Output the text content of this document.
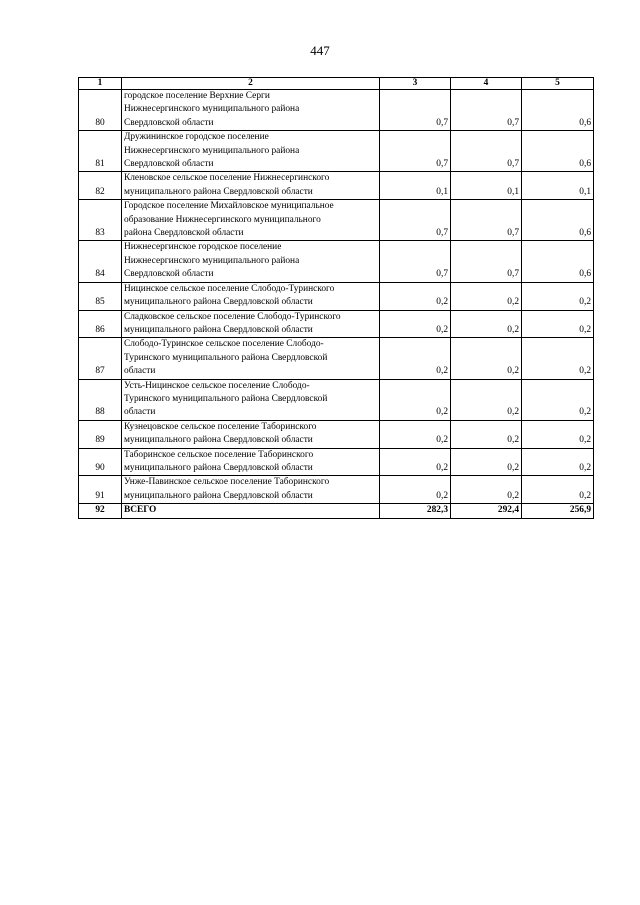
447
1	2	3	4	5
80	городское поселение Верхние Серги
Нижнесергинского муниципального района
Свердловской области	0,7	0,7	0,6
81	Дружининское городское поселение
Нижнесергинского муниципального района
Свердловской области	0,7	0,7	0,6
82	Кленовское сельское поселение Нижнесергинского
муниципального района Свердловской области	0,1	0,1	0,1
83	Городское поселение Михайловское муниципальное
образование Нижнесергинского муниципального
района Свердловской области	0,7	0,7	0,6
84	Нижнесергинское городское поселение
Нижнесергинского муниципального района
Свердловской области	0,7	0,7	0,6
85	Ницинское сельское поселение Слободо-Туринского
муниципального района Свердловской области	0,2	0,2	0,2
86	Сладковское сельское поселение Слободо-Туринского
муниципального района Свердловской области	0,2	0,2	0,2
87	Слободо-Туринское сельское поселение Слободо-
Туринского муниципального района Свердловской
области	0,2	0,2	0,2
88	Усть-Ницинское сельское поселение Слободо-
Туринского муниципального района Свердловской
области	0,2	0,2	0,2
89	Кузнецовское сельское поселение Таборинского
муниципального района Свердловской области	0,2	0,2	0,2
90	Таборинское сельское поселение Таборинского
муниципального района Свердловской области	0,2	0,2	0,2
91	Унже-Павинское сельское поселение Таборинского
муниципального района Свердловской области	0,2	0,2	0,2
92	ВСЕГО	282,3	292,4	256,9
